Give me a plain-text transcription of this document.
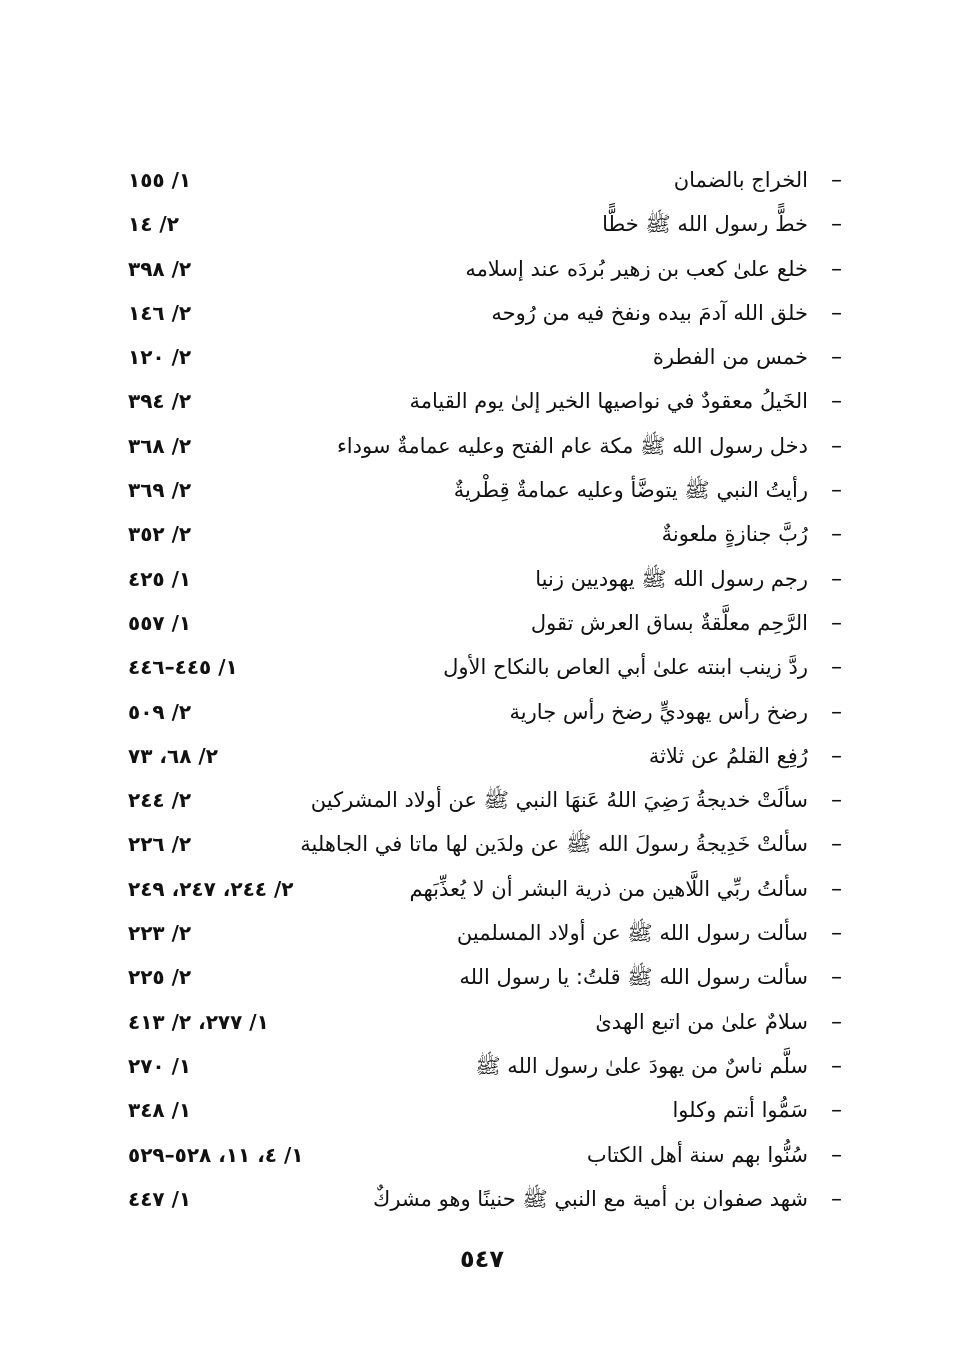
–
الخراج بالضمان
١/ ١٥٥
–
خطًّ رسول الله ﷺ خطًّا
٢/ ١٤
–
خلع علىٰ كعب بن زهير بُردَه عند إسلامه
٢/ ٣٩٨
–
خلق الله آدمَ بيده ونفخ فيه من رُوحه
٢/ ١٤٦
–
خمس من الفطرة
٢/ ١٢٠
–
الخَيلُ معقودٌ في نواصيها الخير إلىٰ يوم القيامة
٢/ ٣٩٤
–
دخل رسول الله ﷺ مكة عام الفتح وعليه عمامةٌ سوداء
٢/ ٣٦٨
–
رأيتُ النبي ﷺ يتوضَّأ وعليه عمامةٌ قِطْريةٌ
٢/ ٣٦٩
–
رُبَّ جنازةٍ ملعونةٌ
٢/ ٣٥٢
–
رجم رسول الله ﷺ يهوديين زنيا
١/ ٤٢٥
–
الرَّحِم معلَّقةٌ بساق العرش تقول
١/ ٥٥٧
–
ردَّ زينب ابنته علىٰ أبي العاص بالنكاح الأول
١/ ٤٤٥–٤٤٦
–
رضخ رأس يهوديٍّ رضخ رأس جارية
٢/ ٥٠٩
–
رُفِع القلمُ عن ثلاثة
٢/ ٦٨، ٧٣
–
سألَتْ خديجةُ رَضِيَ اللهُ عَنهَا النبي ﷺ عن أولاد المشركين
٢/ ٢٤٤
–
سألتْ خَدِيجةُ رسولَ الله ﷺ عن ولدَين لها ماتا في الجاهلية
٢/ ٢٢٦
–
سألتُ ربِّي اللَّاهين من ذرية البشر أن لا يُعذِّبَهم
٢/ ٢٤٤، ٢٤٧، ٢٤٩
–
سألت رسول الله ﷺ عن أولاد المسلمين
٢/ ٢٢٣
–
سألت رسول الله ﷺ قلتُ: يا رسول الله
٢/ ٢٢٥
–
سلامٌ علىٰ من اتبع الهدىٰ
١/ ٢٧٧، ٢/ ٤١٣
–
سلَّم ناسٌ من يهودَ علىٰ رسول الله ﷺ
١/ ٢٧٠
–
سَمُّوا أنتم وكلوا
١/ ٣٤٨
–
سُنُّوا بهم سنة أهل الكتاب
١/ ٤، ١١، ٥٢٨–٥٢٩
–
شهد صفوان بن أمية مع النبي ﷺ حنينًا وهو مشركٌ
١/ ٤٤٧
٥٤٧
